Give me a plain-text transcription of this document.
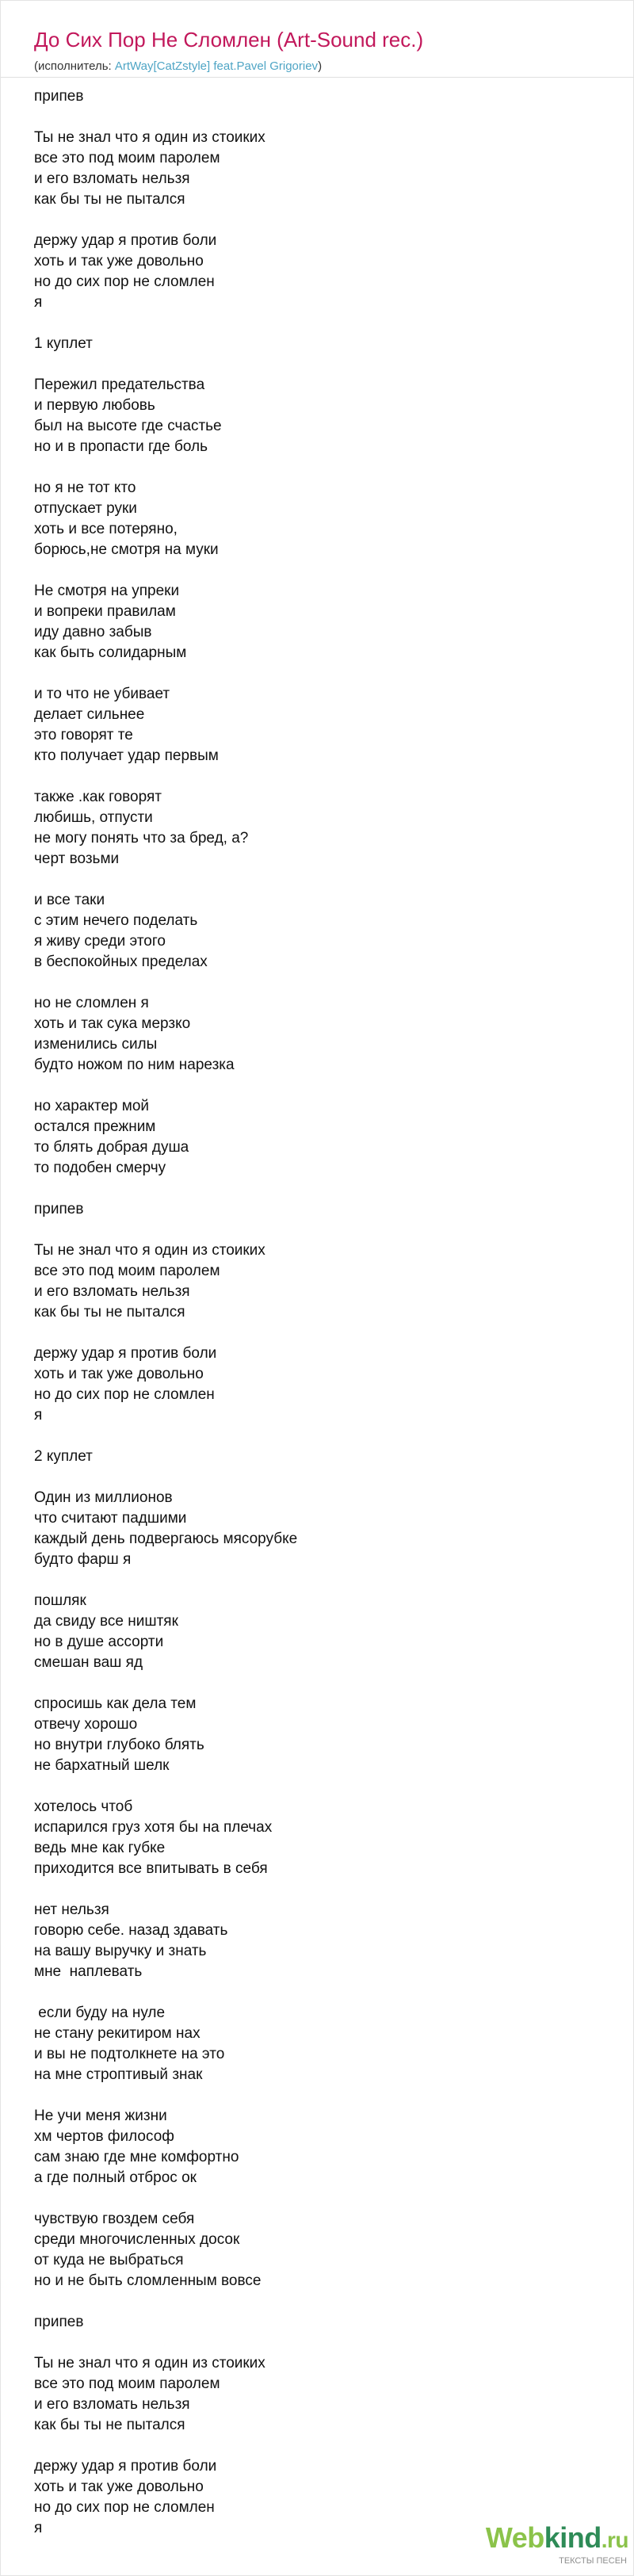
До Сих Пор Не Сломлен (Art-Sound rec.)
(исполнитель: ArtWay[CatZstyle] feat.Pavel Grigoriev)
припев
Ты не знал что я один из стоиких
все это под моим паролем
и его взломать нельзя
как бы ты не пытался
держу удар я против боли
хоть и так уже довольно
но до сих пор не сломлен
я
1 куплет
Пережил предательства
и первую любовь
был на высоте где счастье
но и в пропасти где боль
но я не тот кто
отпускает руки
хоть и все потеряно,
борюсь,не смотря на муки
Не смотря на упреки
и вопреки правилам
иду давно забыв
как быть солидарным
и то что не убивает
делает сильнее
это говорят те
кто получает удар первым
также .как говорят
любишь, отпусти
не могу понять что за бред, а?
черт возьми
и все таки
с этим нечего поделать
я живу среди этого
в беспокойных пределах
но не сломлен я
хоть и так сука мерзко
изменились силы
будто ножом по ним нарезка
но характер мой
остался прежним
то блять добрая душа
то подобен смерчу
припев
Ты не знал что я один из стоиких
все это под моим паролем
и его взломать нельзя
как бы ты не пытался
держу удар я против боли
хоть и так уже довольно
но до сих пор не сломлен
я
2 куплет
Один из миллионов
что считают падшими
каждый день подвергаюсь мясорубке
будто фарш я
пошляк
да свиду все ништяк
но в душе ассорти
смешан ваш яд
спросишь как дела тем
отвечу хорошо
но внутри глубоко блять
не бархатный шелк
хотелось чтоб
испарился груз хотя бы на плечах
ведь мне как губке
приходится все впитывать в себя
нет нельзя
говорю себе. назад здавать
на вашу выручку и знать
мне  наплевать
если буду на нуле
не стану рекитиром нах
и вы не подтолкнете на это
на мне строптивый знак
Не учи меня жизни
хм чертов философ
сам знаю где мне комфортно
а где полный отброс ок
чувствую гвоздем себя
среди многочисленных досок
от куда не выбраться
но и не быть сломленным вовсе
припев
Ты не знал что я один из стоиких
все это под моим паролем
и его взломать нельзя
как бы ты не пытался
держу удар я против боли
хоть и так уже довольно
но до сих пор не сломлен
я	Webkind.ru
ТЕКСТЫ ПЕСЕН
